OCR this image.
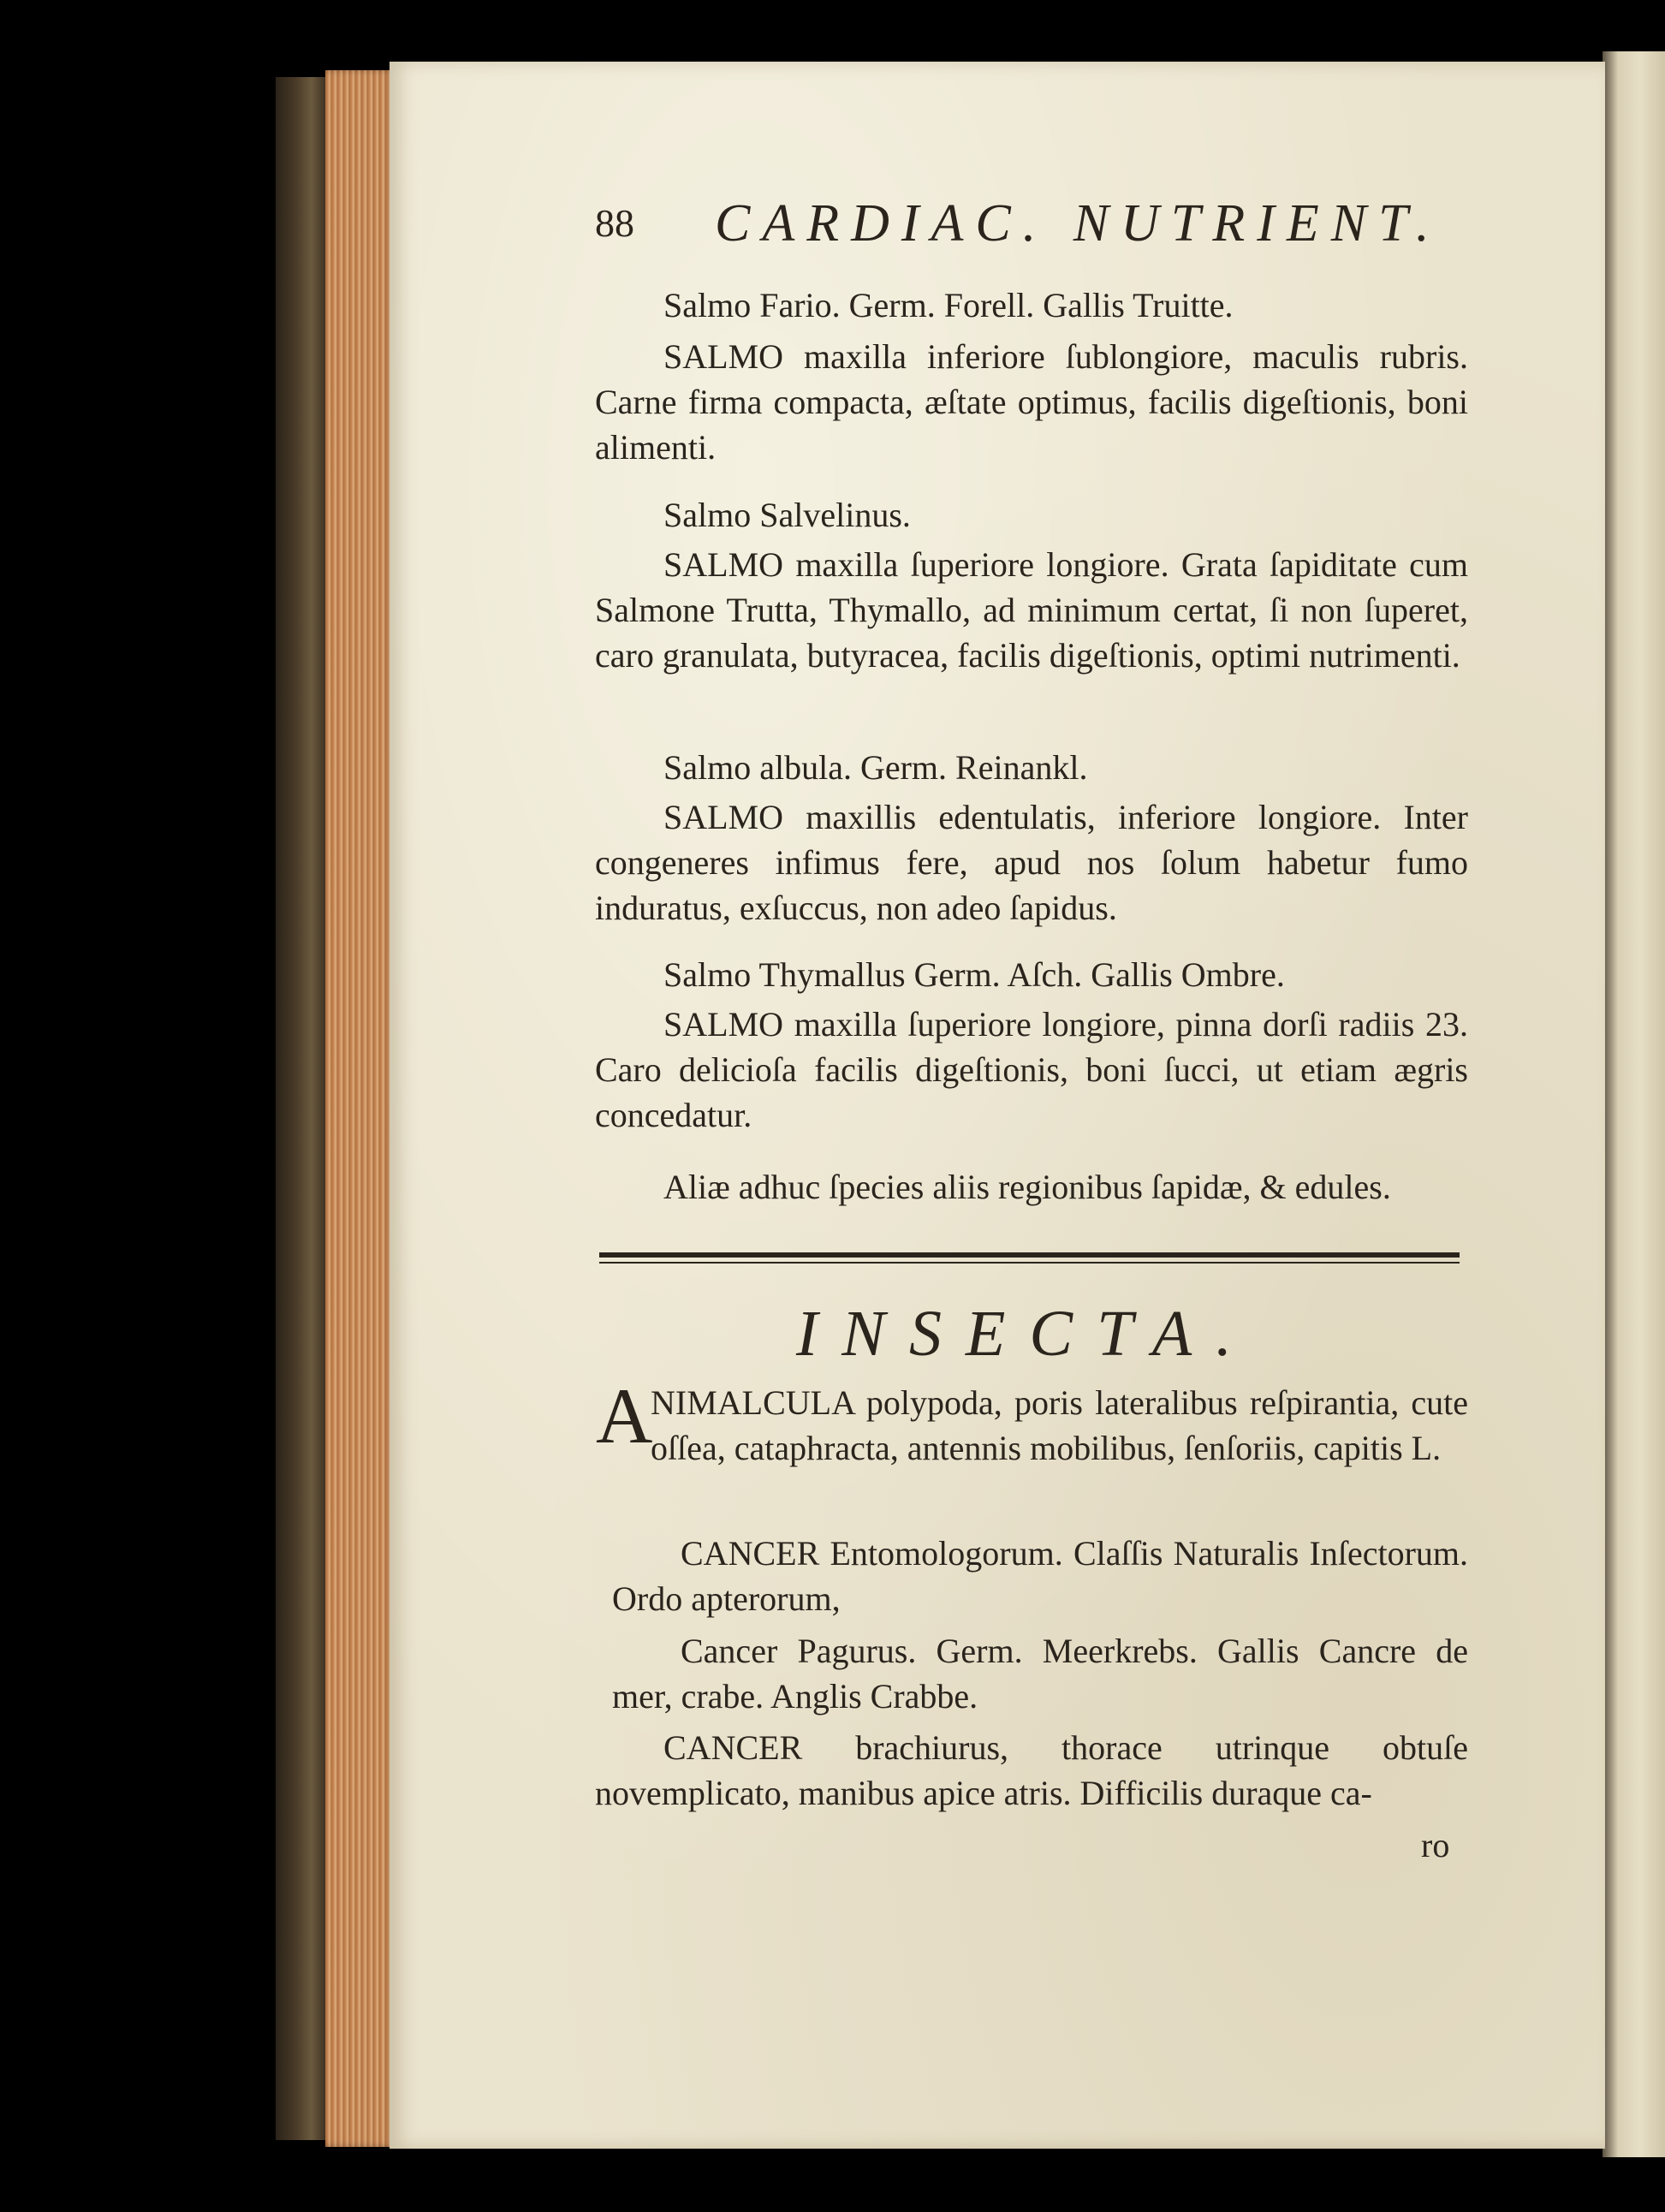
88 CARDIAC. NUTRIENT.
Salmo Fario. Germ. Forell. Gallis Truitte.
SALMO maxilla inferiore ſublongiore, maculis rubris. Carne firma compacta, æſtate optimus, facilis digeſtionis, boni alimenti.
Salmo Salvelinus.
SALMO maxilla ſuperiore longiore. Grata ſapiditate cum Salmone Trutta, Thymallo, ad minimum certat, ſi non ſuperet, caro granulata, butyracea, facilis digeſtionis, optimi nutrimenti.
Salmo albula. Germ. Reinankl.
SALMO maxillis edentulatis, inferiore longiore. Inter congeneres infimus fere, apud nos ſolum habetur fumo induratus, exſuccus, non adeo ſapidus.
Salmo Thymallus Germ. Aſch. Gallis Ombre.
SALMO maxilla ſuperiore longiore, pinna dorſi radiis 23. Caro delicioſa facilis digeſtionis, boni ſucci, ut etiam ægris concedatur.
Aliæ adhuc ſpecies aliis regionibus ſapidæ, & edules.
INSECTA.
A
NIMALCULA polypoda, poris lateralibus reſpirantia, cute oſſea, cataphracta, antennis mobilibus, ſenſoriis, capitis L.
CANCER Entomologorum. Claſſis Naturalis Inſectorum. Ordo apterorum,
Cancer Pagurus. Germ. Meerkrebs. Gallis Cancre de mer, crabe. Anglis Crabbe.
CANCER brachiurus, thorace utrinque obtuſe novemplicato, manibus apice atris. Difficilis duraque ca-
ro
